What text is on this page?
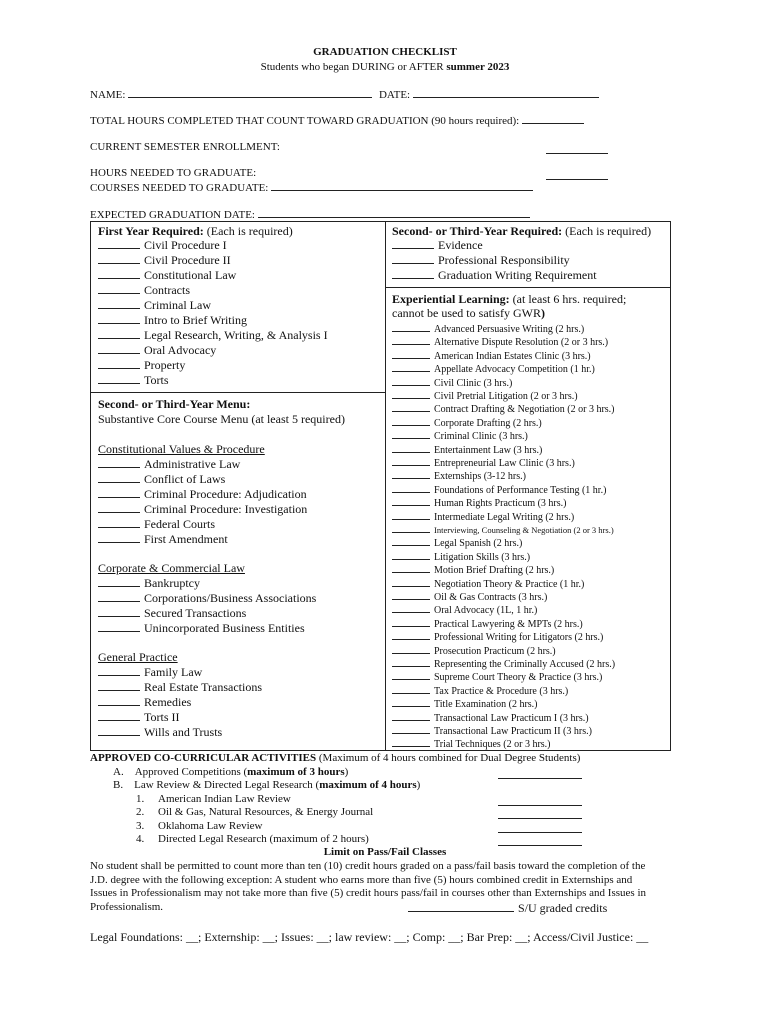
GRADUATION CHECKLIST
Students who began DURING or AFTER summer 2023
NAME:	DATE:
TOTAL HOURS COMPLETED THAT COUNT TOWARD GRADUATION (90 hours required):
CURRENT SEMESTER ENROLLMENT:
HOURS NEEDED TO GRADUATE:
COURSES NEEDED TO GRADUATE:
EXPECTED GRADUATION DATE:
First Year Required: (Each is required)
Civil Procedure I
Civil Procedure II
Constitutional Law
Contracts
Criminal Law
Intro to Brief Writing
Legal Research, Writing, & Analysis I
Oral Advocacy
Property
Torts
Second- or Third-Year Menu:
Substantive Core Course Menu (at least 5 required)
Constitutional Values & Procedure
Administrative Law
Conflict of Laws
Criminal Procedure: Adjudication
Criminal Procedure: Investigation
Federal Courts
First Amendment
Corporate & Commercial Law
Bankruptcy
Corporations/Business Associations
Secured Transactions
Unincorporated Business Entities
General Practice
Family Law
Real Estate Transactions
Remedies
Torts II
Wills and Trusts
Second- or Third-Year Required: (Each is required)
Evidence
Professional Responsibility
Graduation Writing Requirement
Experiential Learning: (at least 6 hrs. required;
cannot be used to satisfy GWR)
Advanced Persuasive Writing (2 hrs.)
Alternative Dispute Resolution (2 or 3 hrs.)
American Indian Estates Clinic (3 hrs.)
Appellate Advocacy Competition (1 hr.)
Civil Clinic (3 hrs.)
Civil Pretrial Litigation (2 or 3 hrs.)
Contract Drafting & Negotiation (2 or 3 hrs.)
Corporate Drafting (2 hrs.)
Criminal Clinic (3 hrs.)
Entertainment Law (3 hrs.)
Entrepreneurial Law Clinic (3 hrs.)
Externships (3-12 hrs.)
Foundations of Performance Testing (1 hr.)
Human Rights Practicum (3 hrs.)
Intermediate Legal Writing (2 hrs.)
Interviewing, Counseling & Negotiation (2 or 3 hrs.)
Legal Spanish (2 hrs.)
Litigation Skills (3 hrs.)
Motion Brief Drafting (2 hrs.)
Negotiation Theory & Practice (1 hr.)
Oil & Gas Contracts (3 hrs.)
Oral Advocacy (1L, 1 hr.)
Practical Lawyering & MPTs (2 hrs.)
Professional Writing for Litigators (2 hrs.)
Prosecution Practicum (2 hrs.)
Representing the Criminally Accused (2 hrs.)
Supreme Court Theory & Practice (3 hrs.)
Tax Practice & Procedure (3 hrs.)
Title Examination (2 hrs.)
Transactional Law Practicum I (3 hrs.)
Transactional Law Practicum II (3 hrs.)
Trial Techniques (2 or 3 hrs.)
APPROVED CO-CURRICULAR ACTIVITIES (Maximum of 4 hours combined for Dual Degree Students)
A. Approved Competitions (maximum of 3 hours)
B. Law Review & Directed Legal Research (maximum of 4 hours)
1. American Indian Law Review
2. Oil & Gas, Natural Resources, & Energy Journal
3. Oklahoma Law Review
4. Directed Legal Research (maximum of 2 hours)
Limit on Pass/Fail Classes
No student shall be permitted to count more than ten (10) credit hours graded on a pass/fail basis toward the completion of the
J.D. degree with the following exception: A student who earns more than five (5) hours combined credit in Externships and
Issues in Professionalism may not take more than five (5) credit hours pass/fail in courses other than Externships and Issues in
Professionalism.	S/U graded credits
Legal Foundations: __; Externship: __; Issues: __; law review: __; Comp: __; Bar Prep: __; Access/Civil Justice: __
